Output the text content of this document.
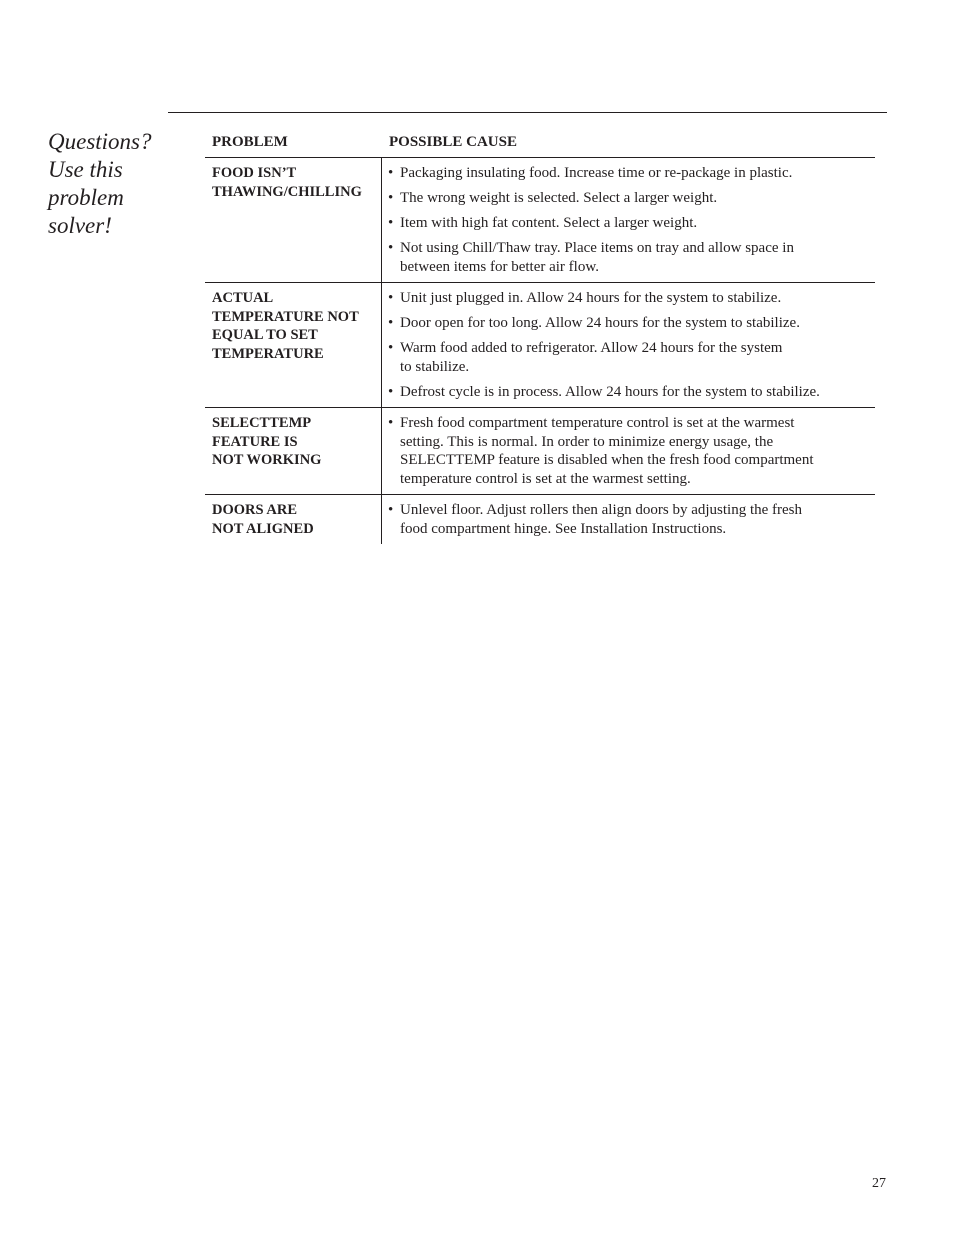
Questions?
Use this
problem
solver!
PROBLEM	POSSIBLE CAUSE
FOOD ISN’T
THAWING/CHILLING
• Packaging insulating food. Increase time or re-package in plastic.
• The wrong weight is selected. Select a larger weight.
• Item with high fat content. Select a larger weight.
• Not using Chill/Thaw tray. Place items on tray and allow space in
between items for better air flow.
ACTUAL
TEMPERATURE NOT
EQUAL TO SET
TEMPERATURE
• Unit just plugged in. Allow 24 hours for the system to stabilize.
• Door open for too long. Allow 24 hours for the system to stabilize.
• Warm food added to refrigerator. Allow 24 hours for the system
to stabilize.
• Defrost cycle is in process. Allow 24 hours for the system to stabilize.
SELECTTEMP
FEATURE IS
NOT WORKING
• Fresh food compartment temperature control is set at the warmest
setting. This is normal. In order to minimize energy usage, the
SELECTTEMP feature is disabled when the fresh food compartment
temperature control is set at the warmest setting.
DOORS ARE
NOT ALIGNED
• Unlevel floor. Adjust rollers then align doors by adjusting the fresh
food compartment hinge. See Installation Instructions.
27
